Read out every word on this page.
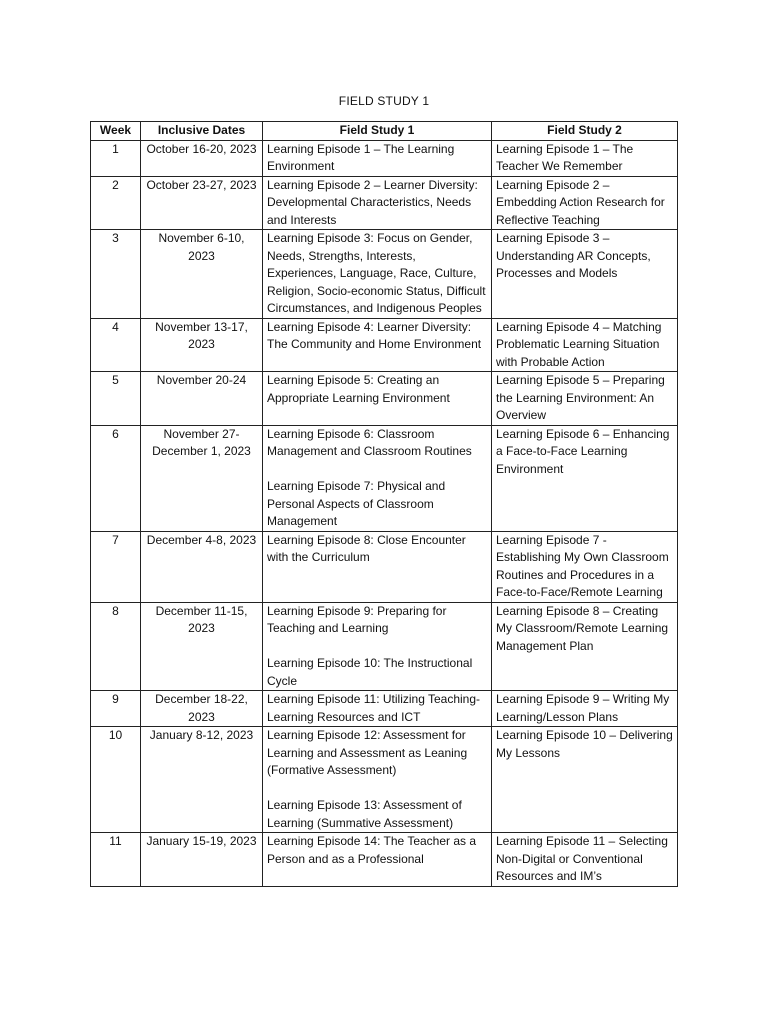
FIELD STUDY 1
Week	Inclusive Dates	Field Study 1	Field Study 2
1	October 16-20, 2023	Learning Episode 1 – The Learning Environment	Learning Episode 1 – The Teacher We Remember

2	October 23-27, 2023	Learning Episode 2 – Learner Diversity: Developmental Characteristics, Needs and Interests	Learning Episode 2 – Embedding Action Research for Reflective Teaching

3	November 6-10, 2023	Learning Episode 3: Focus on Gender, Needs, Strengths, Interests, Experiences, Language, Race, Culture, Religion, Socio-economic Status, Difficult Circumstances, and Indigenous Peoples	Learning Episode 3 – Understanding AR Concepts, Processes and Models

4	November 13-17, 2023	Learning Episode 4: Learner Diversity: The Community and Home Environment	Learning Episode 4 – Matching Problematic Learning Situation with Probable Action

5	November 20-24	Learning Episode 5: Creating an Appropriate Learning Environment	Learning Episode 5 – Preparing the Learning Environment: An Overview

6	November 27-December 1, 2023	Learning Episode 6: Classroom Management and Classroom Routines
Learning Episode 7: Physical and Personal Aspects of Classroom Management	Learning Episode 6 – Enhancing a Face-to-Face Learning Environment

7	December 4-8, 2023	Learning Episode 8: Close Encounter with the Curriculum	Learning Episode 7 - Establishing My Own Classroom Routines and Procedures in a Face-to-Face/Remote Learning

8	December 11-15, 2023	Learning Episode 9: Preparing for Teaching and Learning
Learning Episode 10: The Instructional Cycle	Learning Episode 8 – Creating My Classroom/Remote Learning Management Plan

9	December 18-22, 2023	Learning Episode 11: Utilizing Teaching-Learning Resources and ICT	Learning Episode 9 – Writing My Learning/Lesson Plans

10	January 8-12, 2023	Learning Episode 12: Assessment for Learning and Assessment as Leaning (Formative Assessment)
Learning Episode 13: Assessment of Learning (Summative Assessment)	Learning Episode 10 – Delivering My Lessons

11	January 15-19, 2023	Learning Episode 14: The Teacher as a Person and as a Professional	Learning Episode 11 – Selecting Non-Digital or Conventional Resources and IM’s
